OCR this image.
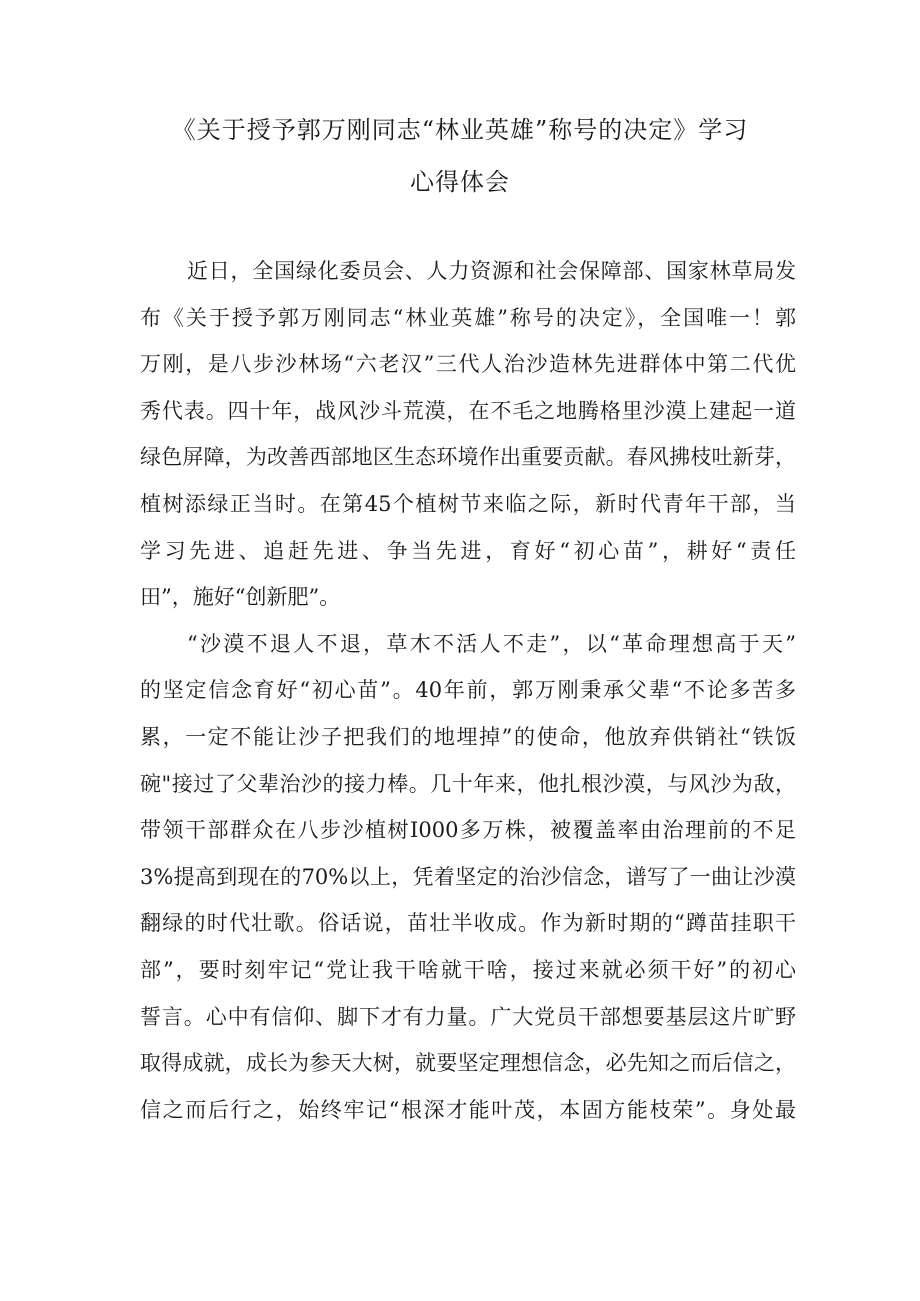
《关于授予郭万刚同志“林业英雄”称号的决定》学习
心得体会
近日，全国绿化委员会、人力资源和社会保障部、国家林草局发
布《关于授予郭万刚同志“林业英雄”称号的决定》，全国唯一！郭
万刚，是八步沙林场“六老汉”三代人治沙造林先进群体中第二代优
秀代表。四十年，战风沙斗荒漠，在不毛之地腾格里沙漠上建起一道
绿色屏障，为改善西部地区生态环境作出重要贡献。春风拂枝吐新芽，
植树添绿正当时。在第45个植树节来临之际，新时代青年干部，当
学习先进、追赶先进、争当先进，育好“初心苗”，耕好“责任
田”，施好“创新肥”。
“沙漠不退人不退，草木不活人不走”，以“革命理想高于天”
的坚定信念育好“初心苗”。40年前，郭万刚秉承父辈“不论多苦多
累，一定不能让沙子把我们的地埋掉”的使命，他放弃供销社“铁饭
碗"接过了父辈治沙的接力棒。几十年来，他扎根沙漠，与风沙为敌，
带领干部群众在八步沙植树I000多万株，被覆盖率由治理前的不足
3%提高到现在的70%以上，凭着坚定的治沙信念，谱写了一曲让沙漠
翻绿的时代壮歌。俗话说，苗壮半收成。作为新时期的“蹲苗挂职干
部”，要时刻牢记“党让我干啥就干啥，接过来就必须干好”的初心
誓言。心中有信仰、脚下才有力量。广大党员干部想要基层这片旷野
取得成就，成长为参天大树，就要坚定理想信念，必先知之而后信之，
信之而后行之，始终牢记“根深才能叶茂，本固方能枝荣”。身处最
